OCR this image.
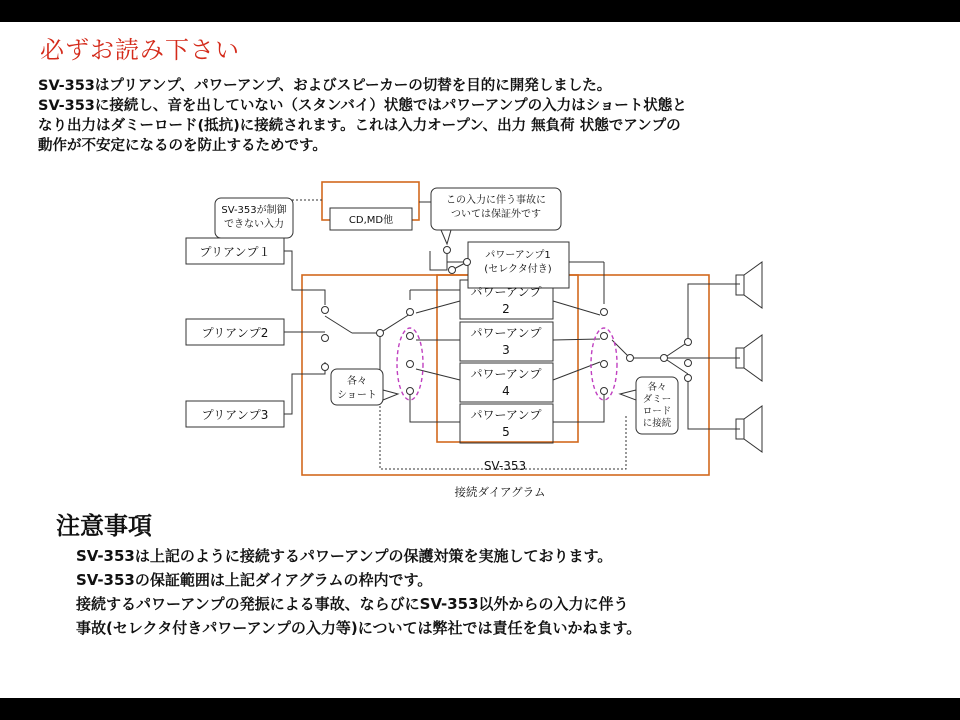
必ずお読み下さい
SV-353はプリアンプ、パワーアンプ、およびスピーカーの切替を目的に開発しました。
SV-353に接続し、音を出していない（スタンバイ）状態ではパワーアンプの入力はショート状態と
なり出力はダミーロード(抵抗)に接続されます。これは入力オープン、出力 無負荷 状態でアンプの
動作が不安定になるのを防止するためです。
SV-353が制御
できない入力	CD,MD他
この入力に伴う事故に
ついては保証外です
パワーアンプ1
(セレクタ付き)
プリアンプ１
プリアンプ2
プリアンプ3
パワーアンプ
2
パワーアンプ
3
パワーアンプ
4
パワーアンプ
5
各々
ショート
各々
ダミー
ロード
に接続
SV-353
接続ダイアグラム
注意事項
SV-353は上記のように接続するパワーアンプの保護対策を実施しております。
SV-353の保証範囲は上記ダイアグラムの枠内です。
接続するパワーアンプの発振による事故、ならびにSV-353以外からの入力に伴う
事故(セレクタ付きパワーアンプの入力等)については弊社では責任を負いかねます。
